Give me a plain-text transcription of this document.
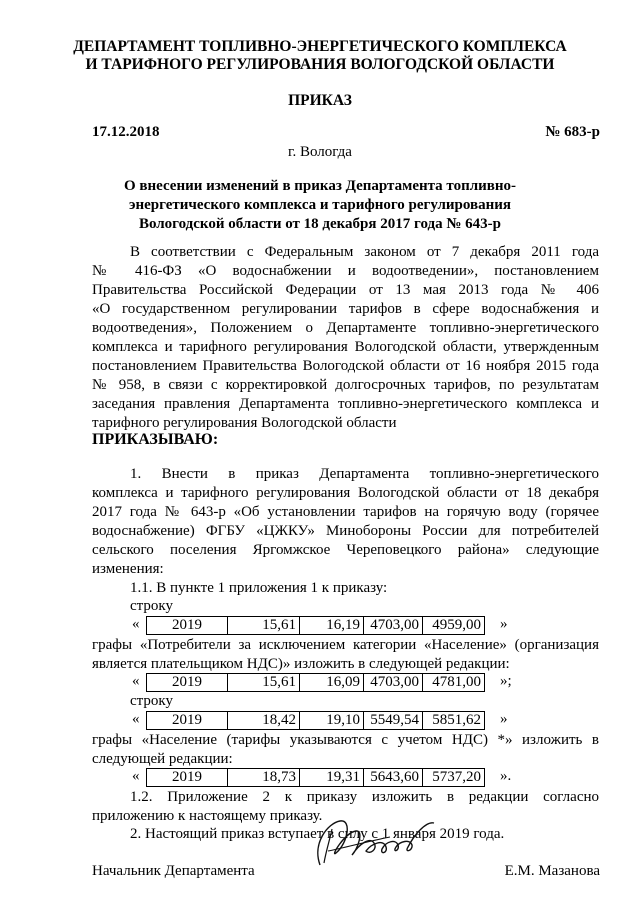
ДЕПАРТАМЕНТ ТОПЛИВНО-ЭНЕРГЕТИЧЕСКОГО КОМПЛЕКСА
И ТАРИФНОГО РЕГУЛИРОВАНИЯ ВОЛОГОДСКОЙ ОБЛАСТИ
ПРИКАЗ
17.12.2018	№ 683-р
г. Вологда
О внесении изменений в приказ Департамента топливно-
энергетического комплекса и тарифного регулирования
Вологодской области от 18 декабря 2017 года № 643-р
В соответствии с Федеральным законом от 7 декабря 2011 года
№ 416-ФЗ «О водоснабжении и водоотведении», постановлением
Правительства Российской Федерации от 13 мая 2013 года № 406
«О государственном регулировании тарифов в сфере водоснабжения и
водоотведения», Положением о Департаменте топливно-энергетического
комплекса и тарифного регулирования Вологодской области, утвержденным
постановлением Правительства Вологодской области от 16 ноября 2015 года
№ 958, в связи с корректировкой долгосрочных тарифов, по результатам
заседания правления Департамента топливно-энергетического комплекса и
тарифного регулирования Вологодской области
ПРИКАЗЫВАЮ:
1. Внести в приказ Департамента топливно-энергетического
комплекса и тарифного регулирования Вологодской области от 18 декабря
2017 года № 643-р «Об установлении тарифов на горячую воду (горячее
водоснабжение) ФГБУ «ЦЖКУ» Минобороны России для потребителей
сельского поселения Яргомжское Череповецкого района» следующие
изменения:
1.1. В пункте 1 приложения 1 к приказу:
строку
« 2019	15,61	16,19	4703,00	4959,00 »
графы «Потребители за исключением категории «Население» (организация
является плательщиком НДС)» изложить в следующей редакции:
« 2019	15,61	16,09	4703,00	4781,00 »;
строку
« 2019	18,42	19,10	5549,54	5851,62 »
графы «Население (тарифы указываются с учетом НДС) *» изложить в
следующей редакции:
« 2019	18,73	19,31	5643,60	5737,20 ».
1.2. Приложение 2 к приказу изложить в редакции согласно
приложению к настоящему приказу.
2. Настоящий приказ вступает в силу с 1 января 2019 года.
Начальник Департамента	Е.М. Мазанова
